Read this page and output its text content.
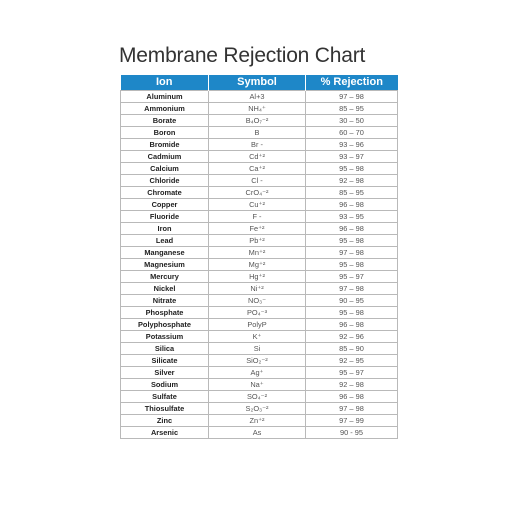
Membrane Rejection Chart
Ion	Symbol	% Rejection
Aluminum	Al+3	97 – 98
Ammonium	NH₄⁺	85 – 95
Borate	B₄O₇⁻²	30 – 50
Boron	B	60 – 70
Bromide	Br -	93 – 96
Cadmium	Cd⁺²	93 – 97
Calcium	Ca⁺²	95 – 98
Chloride	Cl -	92 – 98
Chromate	CrO₄⁻²	85 – 95
Copper	Cu⁺²	96 – 98
Fluoride	F -	93 – 95
Iron	Fe⁺²	96 – 98
Lead	Pb⁺²	95 – 98
Manganese	Mn⁺²	97 – 98
Magnesium	Mg⁺²	95 – 98
Mercury	Hg⁺²	95 – 97
Nickel	Ni⁺²	97 – 98
Nitrate	NO₃⁻	90 – 95
Phosphate	PO₄⁻³	95 – 98
Polyphosphate	PolyP	96 – 98
Potassium	K⁺	92 – 96
Silica	Si	85 – 90
Silicate	SiO₂⁻²	92 – 95
Silver	Ag⁺	95 – 97
Sodium	Na⁺	92 – 98
Sulfate	SO₄⁻²	96 – 98
Thiosulfate	S₂O₃⁻²	97 – 98
Zinc	Zn⁺²	97 – 99
Arsenic	As	90 - 95
